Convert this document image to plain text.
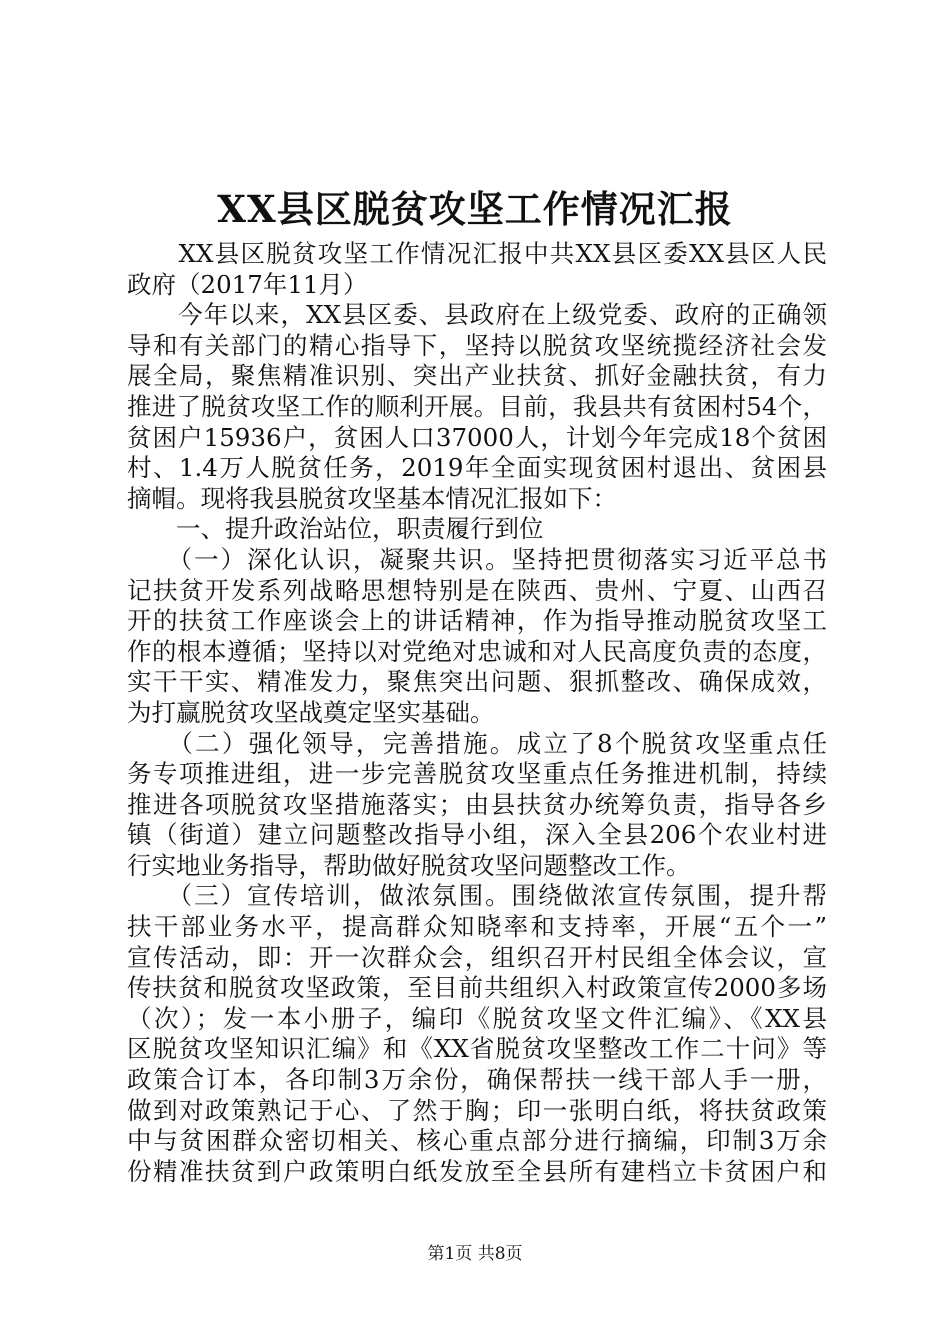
XX县区脱贫攻坚工作情况汇报
　　XX县区脱贫攻坚工作情况汇报中共XX县区委XX县区人民
政府（2017年11月）
　　今年以来，XX县区委、县政府在上级党委、政府的正确领
导和有关部门的精心指导下，坚持以脱贫攻坚统揽经济社会发
展全局，聚焦精准识别、突出产业扶贫、抓好金融扶贫，有力
推进了脱贫攻坚工作的顺利开展。目前，我县共有贫困村54个，
贫困户15936户，贫困人口37000人，计划今年完成18个贫困
村、1.4万人脱贫任务，2019年全面实现贫困村退出、贫困县
摘帽。现将我县脱贫攻坚基本情况汇报如下：
　　一、提升政治站位，职责履行到位
　　（一）深化认识，凝聚共识。坚持把贯彻落实习近平总书
记扶贫开发系列战略思想特别是在陕西、贵州、宁夏、山西召
开的扶贫工作座谈会上的讲话精神，作为指导推动脱贫攻坚工
作的根本遵循；坚持以对党绝对忠诚和对人民高度负责的态度，
实干干实、精准发力，聚焦突出问题、狠抓整改、确保成效，
为打赢脱贫攻坚战奠定坚实基础。
　　（二）强化领导，完善措施。成立了8个脱贫攻坚重点任
务专项推进组，进一步完善脱贫攻坚重点任务推进机制，持续
推进各项脱贫攻坚措施落实；由县扶贫办统筹负责，指导各乡
镇（街道）建立问题整改指导小组，深入全县206个农业村进
行实地业务指导，帮助做好脱贫攻坚问题整改工作。
　　（三）宣传培训，做浓氛围。围绕做浓宣传氛围，提升帮
扶干部业务水平，提高群众知晓率和支持率，开展“五个一”
宣传活动，即：开一次群众会，组织召开村民组全体会议，宣
传扶贫和脱贫攻坚政策，至目前共组织入村政策宣传2000多场
（次）；发一本小册子，编印《脱贫攻坚文件汇编》、《XX县
区脱贫攻坚知识汇编》和《XX省脱贫攻坚整改工作二十问》等
政策合订本，各印制3万余份，确保帮扶一线干部人手一册，
做到对政策熟记于心、了然于胸；印一张明白纸，将扶贫政策
中与贫困群众密切相关、核心重点部分进行摘编，印制3万余
份精准扶贫到户政策明白纸发放至全县所有建档立卡贫困户和
第1页 共8页
